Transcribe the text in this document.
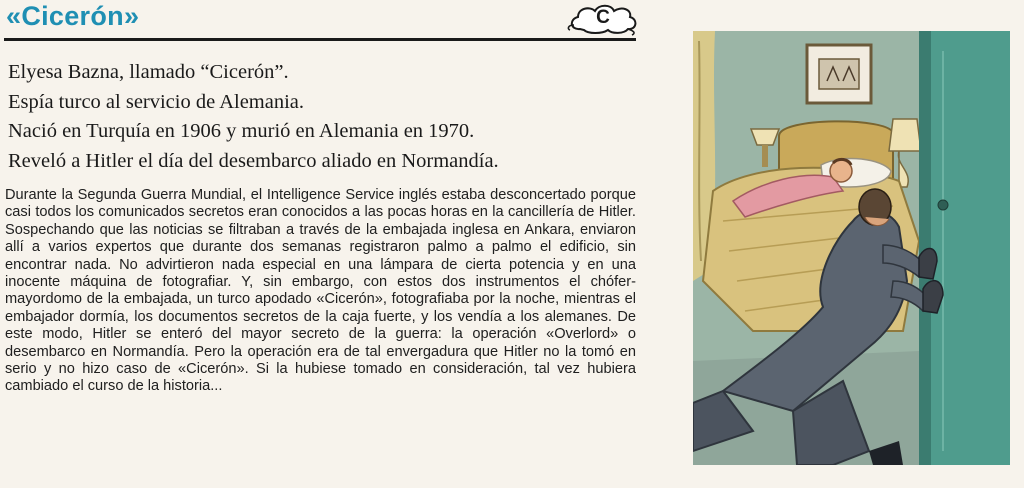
«Cicerón»	C
Elyesa Bazna, llamado “Cicerón”.
Espía turco al servicio de Alemania.
Nació en Turquía en 1906 y murió en Alemania en 1970.
Reveló a Hitler el día del desembarco aliado en Normandía.
Durante la Segunda Guerra Mundial, el Intelligence Service inglés estaba desconcertado porque casi todos los comunicados secretos eran conocidos a las pocas horas en la cancillería de Hitler. Sospechando que las noticias se filtraban a través de la embajada inglesa en Ankara, enviaron allí a varios expertos que durante dos semanas registraron palmo a palmo el edificio, sin encontrar nada. No advirtieron nada especial en una lámpara de cierta potencia y en una inocente máquina de fotografiar. Y, sin embargo, con estos dos instrumentos el chófer-mayordomo de la embajada, un turco apodado «Cicerón», fotografiaba por la noche, mientras el embajador dormía, los documentos secretos de la caja fuerte, y los vendía a los alemanes. De este modo, Hitler se enteró del mayor secreto de la guerra: la operación «Overlord» o desembarco en Normandía. Pero la operación era de tal envergadura que Hitler no la tomó en serio y no hizo caso de «Cicerón». Si la hubiese tomado en consideración, tal vez hubiera cambiado el curso de la historia...
